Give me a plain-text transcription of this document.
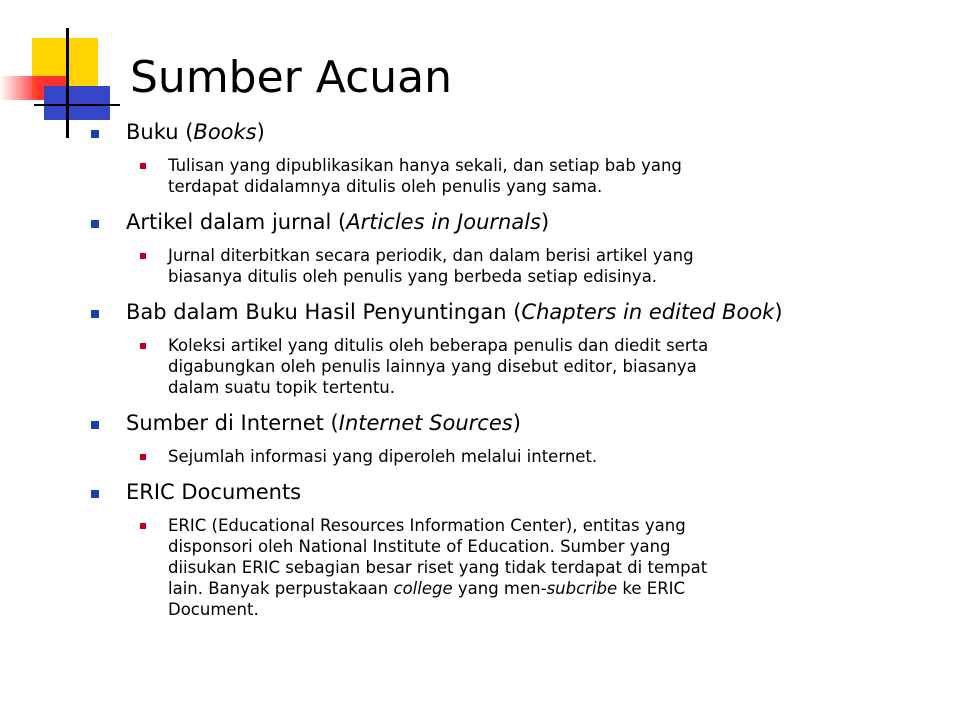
Sumber Acuan
Buku (Books)
Tulisan yang dipublikasikan hanya sekali, dan setiap bab yang
terdapat didalamnya ditulis oleh penulis yang sama.
Artikel dalam jurnal (Articles in Journals)
Jurnal diterbitkan secara periodik, dan dalam berisi artikel yang
biasanya ditulis oleh penulis yang berbeda setiap edisinya.
Bab dalam Buku Hasil Penyuntingan (Chapters in edited Book)
Koleksi artikel yang ditulis oleh beberapa penulis dan diedit serta
digabungkan oleh penulis lainnya yang disebut editor, biasanya
dalam suatu topik tertentu.
Sumber di Internet (Internet Sources)
Sejumlah informasi yang diperoleh melalui internet.
ERIC Documents
ERIC (Educational Resources Information Center), entitas yang
disponsori oleh National Institute of Education. Sumber yang
diisukan ERIC sebagian besar riset yang tidak terdapat di tempat
lain. Banyak perpustakaan college yang men-subcribe ke ERIC
Document.
